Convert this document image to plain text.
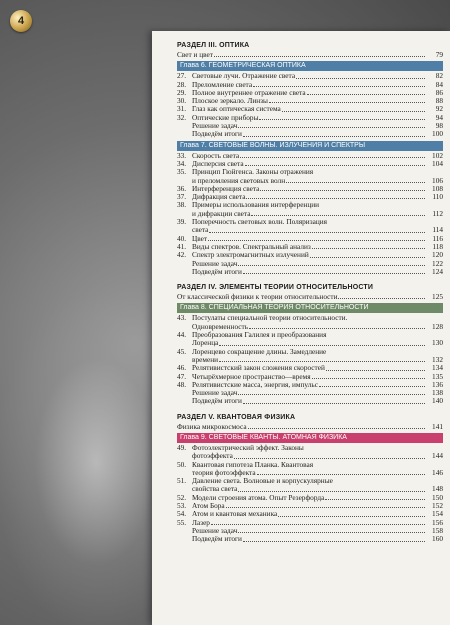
4
РАЗДЕЛ III. ОПТИКА
Свет и цвет	79
Глава 6. ГЕОМЕТРИЧЕСКАЯ ОПТИКА
27. Световые лучи. Отражение света	82
28. Преломление света	84
29. Полное внутреннее отражение света	86
30. Плоское зеркало. Линзы	88
31. Глаз как оптическая система	92
32. Оптические приборы	94
Решение задач	98
Подведём итоги	100
Глава 7. СВЕТОВЫЕ ВОЛНЫ. ИЗЛУЧЕНИЯ И СПЕКТРЫ
33. Скорость света	102
34. Дисперсия света	104
35. Принцип Гюйгенса. Законы отражения
и преломления световых волн	106
36. Интерференция света	108
37. Дифракция света	110
38. Примеры использования интерференции
и дифракции света	112
39. Поперечность световых волн. Поляризация
света	114
40. Цвет	116
41. Виды спектров. Спектральный анализ	118
42. Спектр электромагнитных излучений	120
Решение задач	122
Подведём итоги	124
РАЗДЕЛ IV. ЭЛЕМЕНТЫ ТЕОРИИ ОТНОСИТЕЛЬНОСТИ
От классической физики к теории относительности	125
Глава 8. СПЕЦИАЛЬНАЯ ТЕОРИЯ ОТНОСИТЕЛЬНОСТИ
43. Постулаты специальной теории относительности.
Одновременность	128
44. Преобразования Галилея и преобразования
Лоренца	130
45. Лоренцево сокращение длины. Замедление
времени	132
46. Релятивистский закон сложения скоростей	134
47. Четырёхмерное пространство—время	135
48. Релятивистские масса, энергия, импульс	136
Решение задач	138
Подведём итоги	140
РАЗДЕЛ V. КВАНТОВАЯ ФИЗИКА
Физика микрокосмоса	141
Глава 9. СВЕТОВЫЕ КВАНТЫ. АТОМНАЯ ФИЗИКА
49. Фотоэлектрический эффект. Законы
фотоэффекта	144
50. Квантовая гипотеза Планка. Квантовая
теория фотоэффекта	146
51. Давление света. Волновые и корпускулярные
свойства света	148
52. Модели строения атома. Опыт Резерфорда	150
53. Атом Бора	152
54. Атом и квантовая механика	154
55. Лазер	156
Решение задач	158
Подведём итоги	160
